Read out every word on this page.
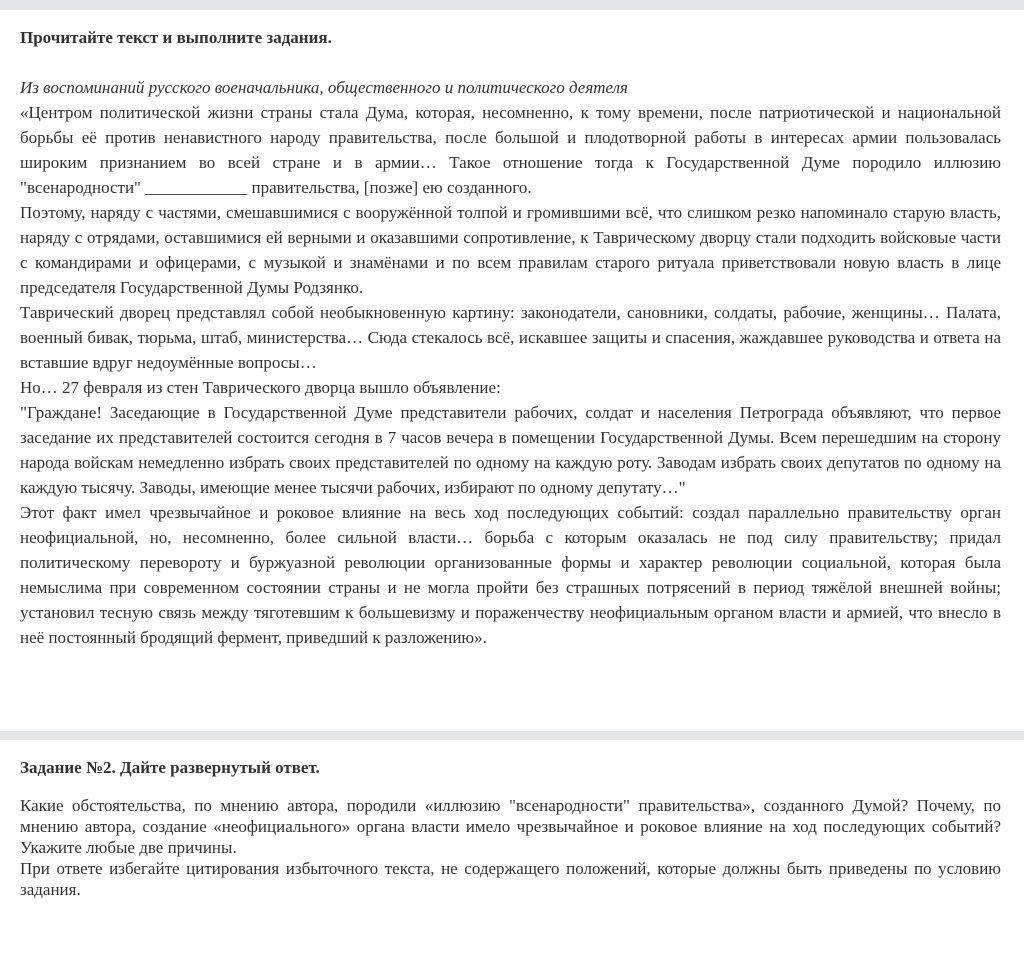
Прочитайте текст и выполните задания.

Из воспоминаний русского военачальника, общественного и политического деятеля

«Центром политической жизни страны стала Дума, которая, несомненно, к тому времени, после патриотической и национальной борьбы её против ненавистного народу правительства, после большой и плодотворной работы в интересах армии пользовалась широким признанием во всей стране и в армии… Такое отношение тогда к Государственной Думе породило иллюзию "всенародности" ____________ правительства, [позже] ею созданного.

Поэтому, наряду с частями, смешавшимися с вооружённой толпой и громившими всё, что слишком резко напоминало старую власть, наряду с отрядами, оставшимися ей верными и оказавшими сопротивление, к Таврическому дворцу стали подходить войсковые части с командирами и офицерами, с музыкой и знамёнами и по всем правилам старого ритуала приветствовали новую власть в лице председателя Государственной Думы Родзянко.

Таврический дворец представлял собой необыкновенную картину: законодатели, сановники, солдаты, рабочие, женщины… Палата, военный бивак, тюрьма, штаб, министерства… Сюда стекалось всё, искавшее защиты и спасения, жаждавшее руководства и ответа на вставшие вдруг недоумённые вопросы…

Но… 27 февраля из стен Таврического дворца вышло объявление:

"Граждане! Заседающие в Государственной Думе представители рабочих, солдат и населения Петрограда объявляют, что первое заседание их представителей состоится сегодня в 7 часов вечера в помещении Государственной Думы. Всем перешедшим на сторону народа войскам немедленно избрать своих представителей по одному на каждую роту. Заводам избрать своих депутатов по одному на каждую тысячу. Заводы, имеющие менее тысячи рабочих, избирают по одному депутату…"

Этот факт имел чрезвычайное и роковое влияние на весь ход последующих событий: создал параллельно правительству орган неофициальной, но, несомненно, более сильной власти… борьба с которым оказалась не под силу правительству; придал политическому перевороту и буржуазной революции организованные формы и характер революции социальной, которая была немыслима при современном состоянии страны и не могла пройти без страшных потрясений в период тяжёлой внешней войны; установил тесную связь между тяготевшим к большевизму и пораженчеству неофициальным органом власти и армией, что внесло в неё постоянный бродящий фермент, приведший к разложению».

Задание №2. Дайте развернутый ответ.

Какие обстоятельства, по мнению автора, породили «иллюзию "всенародности" правительства», созданного Думой? Почему, по мнению автора, создание «неофициального» органа власти имело чрезвычайное и роковое влияние на ход последующих событий? Укажите любые две причины.

При ответе избегайте цитирования избыточного текста, не содержащего положений, которые должны быть приведены по условию задания.
